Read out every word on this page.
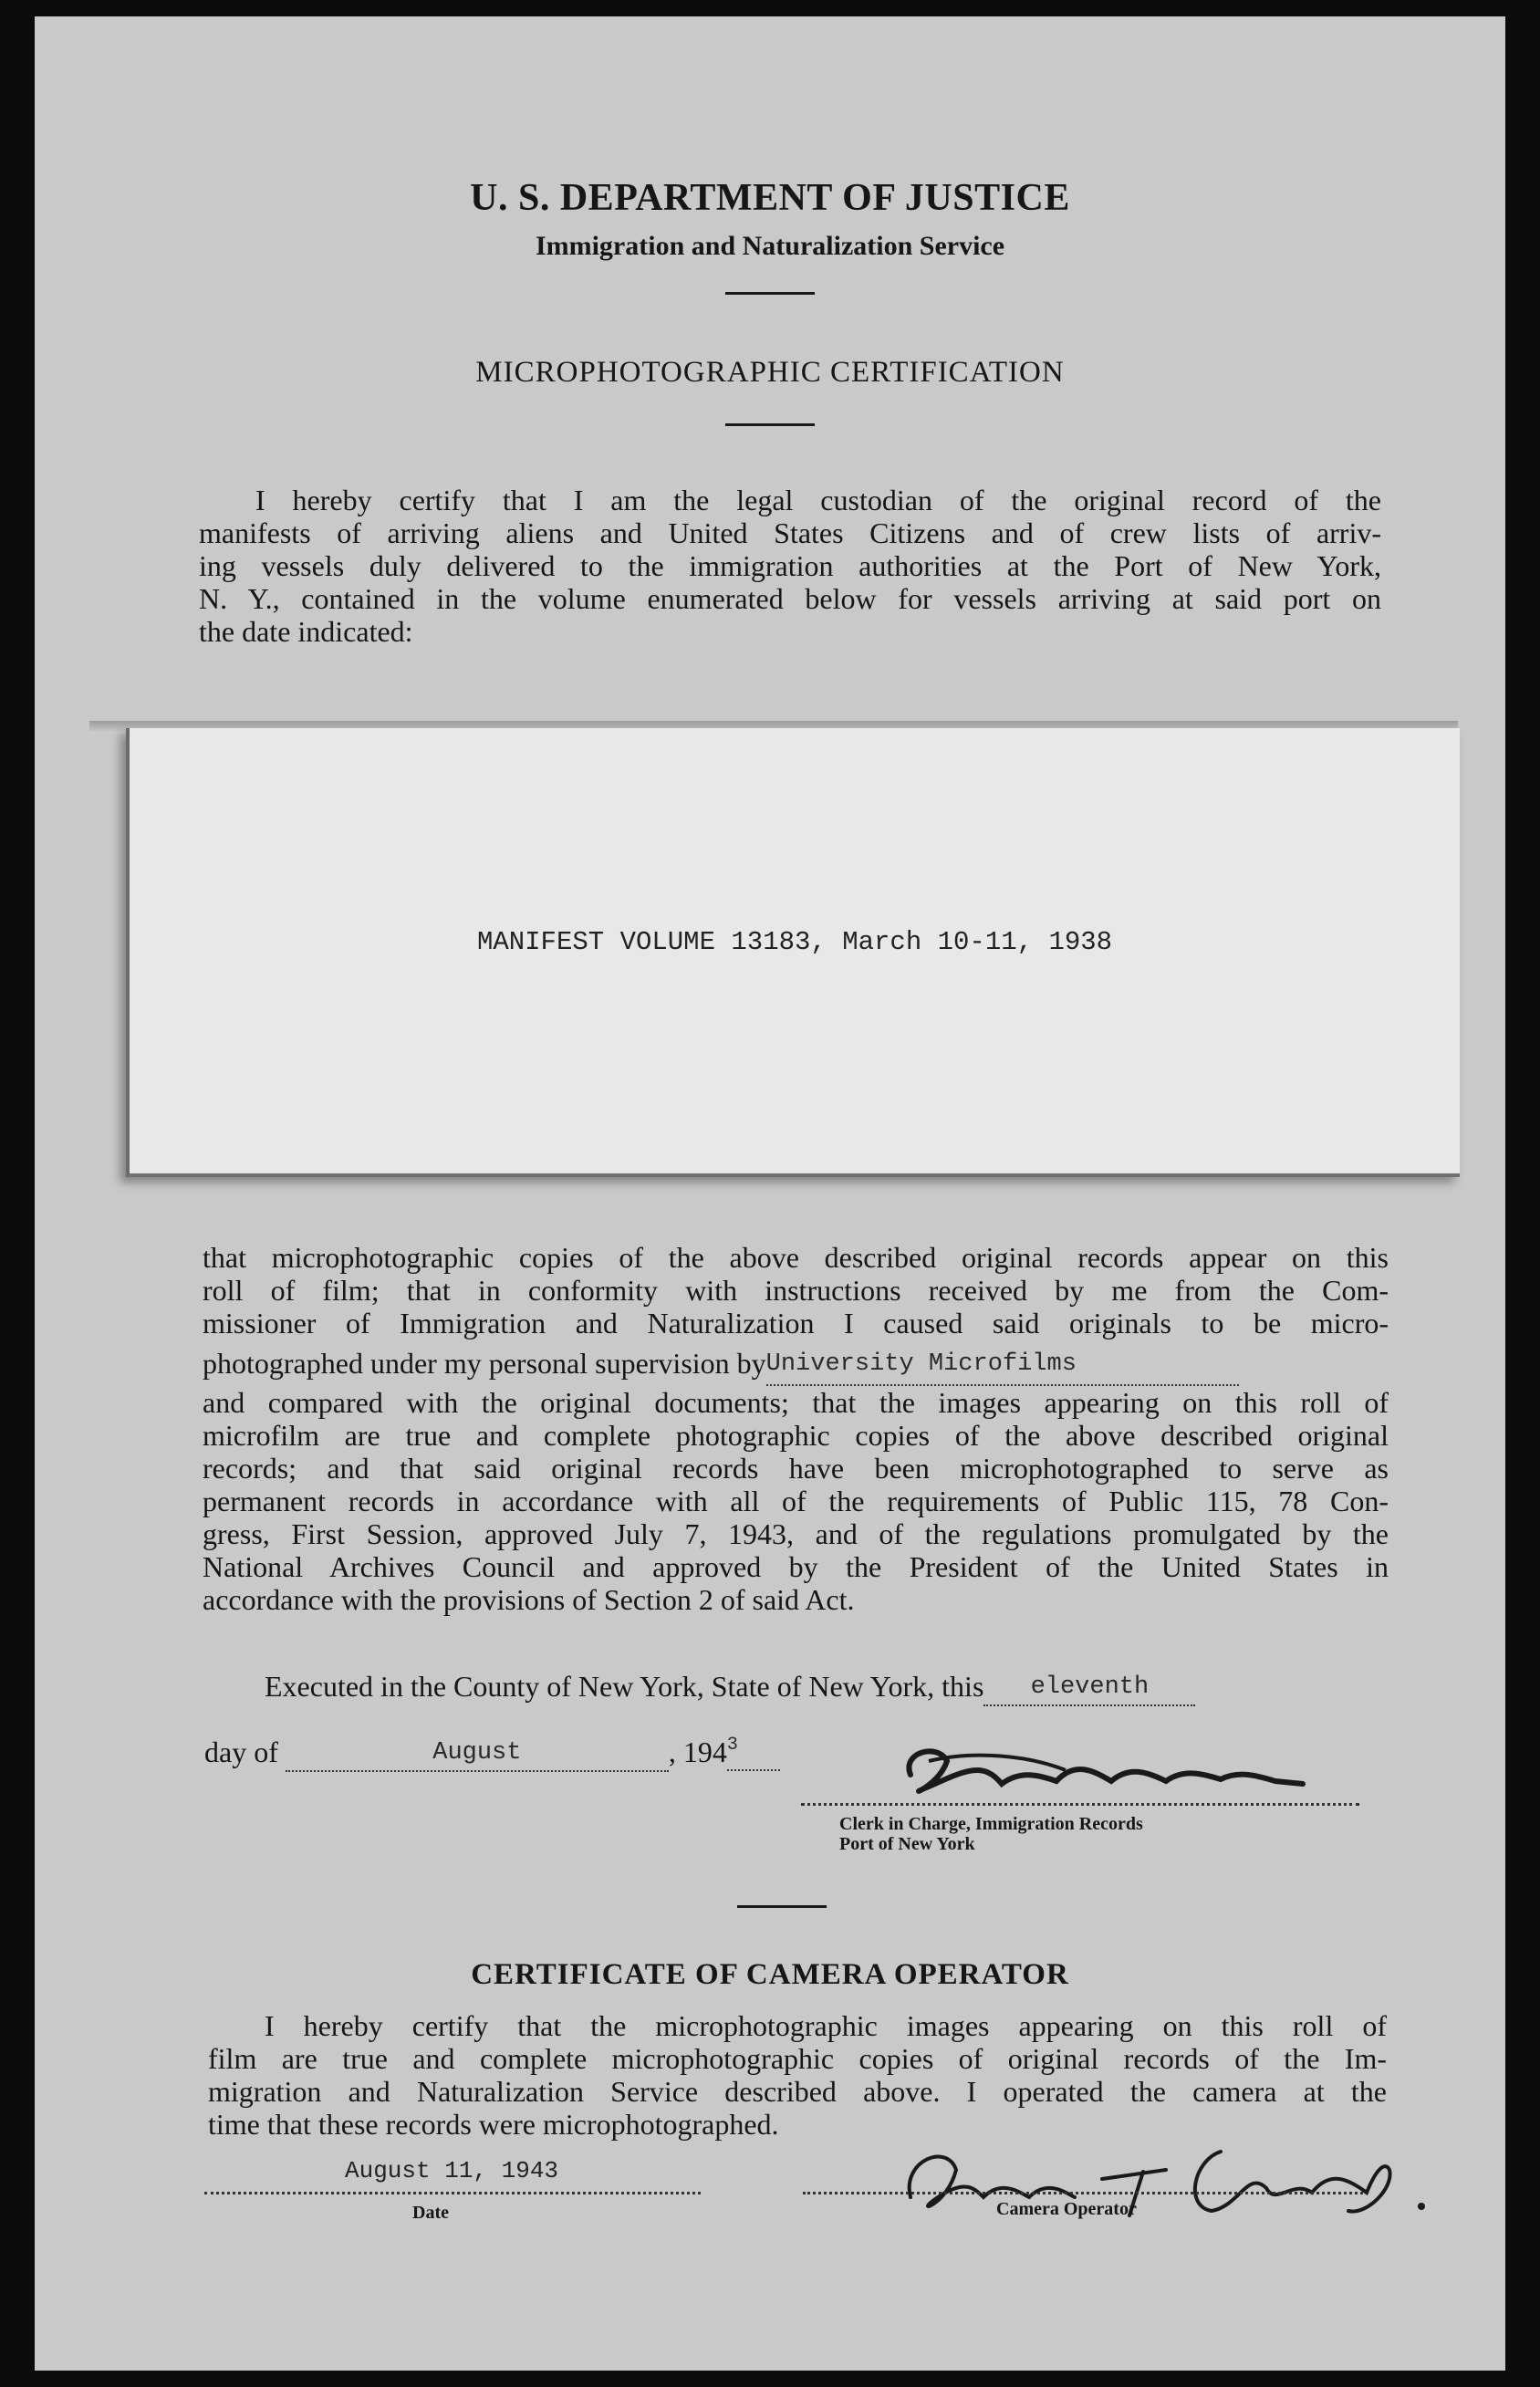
U. S. DEPARTMENT OF JUSTICE
Immigration and Naturalization Service
MICROPHOTOGRAPHIC CERTIFICATION
I hereby certify that I am the legal custodian of the original record of the
manifests of arriving aliens and United States Citizens and of crew lists of arriv-
ing vessels duly delivered to the immigration authorities at the Port of New York,
N. Y., contained in the volume enumerated below for vessels arriving at said port on
the date indicated:
MANIFEST VOLUME 13183, March 10-11, 1938
that microphotographic copies of the above described original records appear on this
roll of film; that in conformity with instructions received by me from the Com-
missioner of Immigration and Naturalization I caused said originals to be micro-
photographed under my personal supervision byUniversity Microfilms
and compared with the original documents; that the images appearing on this roll of
microfilm are true and complete photographic copies of the above described original
records; and that said original records have been microphotographed to serve as
permanent records in accordance with all of the requirements of Public 115, 78 Con-
gress, First Session, approved July 7, 1943, and of the regulations promulgated by the
National Archives Council and approved by the President of the United States in
accordance with the provisions of Section 2 of said Act.
Executed in the County of New York, State of New York, this eleventh
day of	August	, $194^3$
Clerk in Charge, Immigration Records
Port of New York
CERTIFICATE OF CAMERA OPERATOR
I hereby certify that the microphotographic images appearing on this roll of
film are true and complete microphotographic copies of original records of the Im-
migration and Naturalization Service described above. I operated the camera at the
time that these records were microphotographed.
August 11, 1943
Date	Camera Operator
